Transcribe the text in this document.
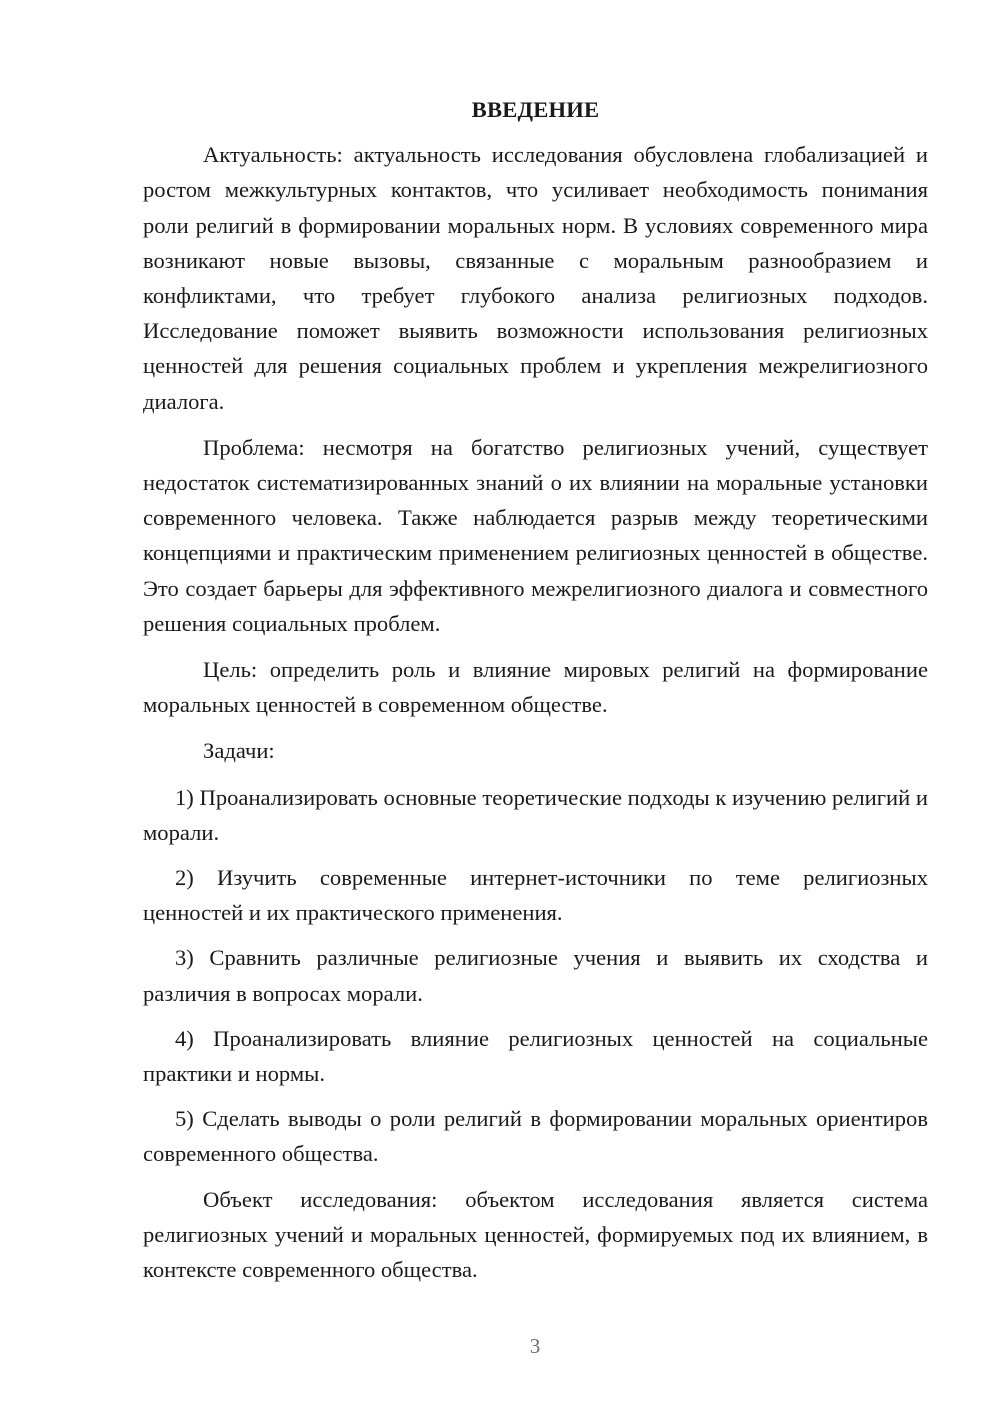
ВВЕДЕНИЕ

Актуальность: актуальность исследования обусловлена глобализацией и ростом межкультурных контактов, что усиливает необходимость понимания роли религий в формировании моральных норм. В условиях современного мира возникают новые вызовы, связанные с моральным разнообразием и конфликтами, что требует глубокого анализа религиозных подходов. Исследование поможет выявить возможности использования религиозных ценностей для решения социальных проблем и укрепления межрелигиозного диалога.

Проблема: несмотря на богатство религиозных учений, существует недостаток систематизированных знаний о их влиянии на моральные установки современного человека. Также наблюдается разрыв между теоретическими концепциями и практическим применением религиозных ценностей в обществе. Это создает барьеры для эффективного межрелигиозного диалога и совместного решения социальных проблем.

Цель: определить роль и влияние мировых религий на формирование моральных ценностей в современном обществе.

Задачи:

1) Проанализировать основные теоретические подходы к изучению религий и морали.

2) Изучить современные интернет-источники по теме религиозных ценностей и их практического применения.

3) Сравнить различные религиозные учения и выявить их сходства и различия в вопросах морали.

4) Проанализировать влияние религиозных ценностей на социальные практики и нормы.

5) Сделать выводы о роли религий в формировании моральных ориентиров современного общества.

Объект исследования: объектом исследования является система религиозных учений и моральных ценностей, формируемых под их влиянием, в контексте современного общества.

3
